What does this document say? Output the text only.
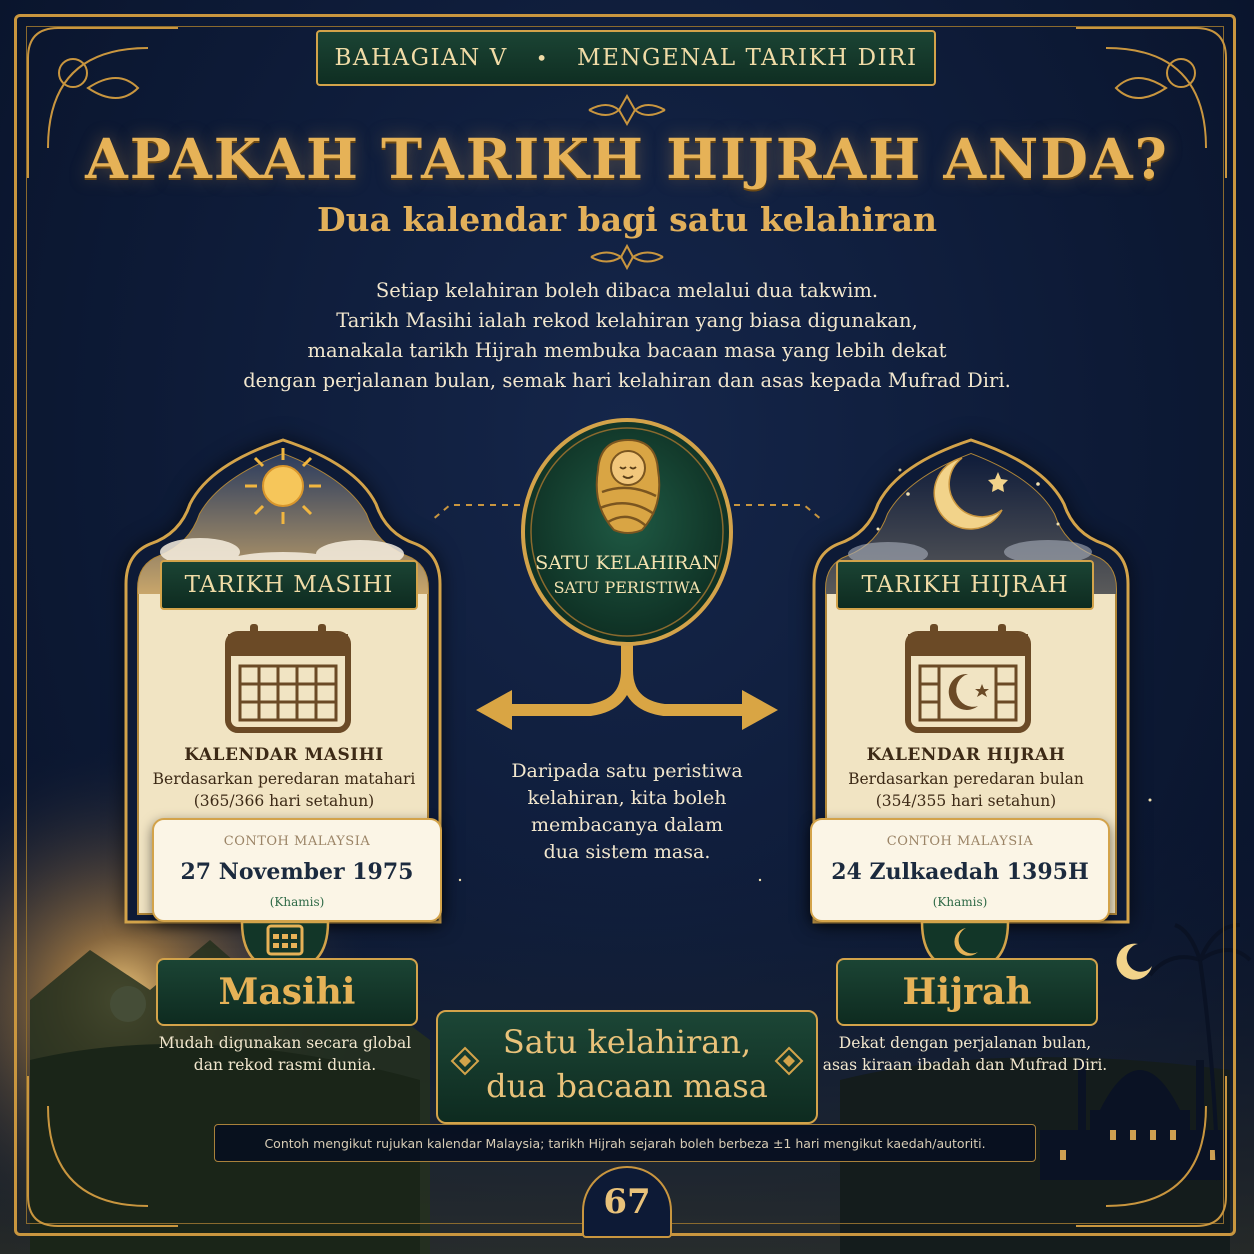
BAHAGIAN V • MENGENAL TARIKH DIRI
APAKAH TARIKH HIJRAH ANDA?
Dua kalendar bagi satu kelahiran
Setiap kelahiran boleh dibaca melalui dua takwim.
Tarikh Masihi ialah rekod kelahiran yang biasa digunakan,
manakala tarikh Hijrah membuka bacaan masa yang lebih dekat
dengan perjalanan bulan, semak hari kelahiran dan asas kepada Mufrad Diri.
TARIKH MASIHI
KALENDAR MASIHI
Berdasarkan peredaran matahari
(365/366 hari setahun)
CONTOH MALAYSIA
27 November 1975
(Khamis)
Masihi
Mudah digunakan secara global
dan rekod rasmi dunia.
TARIKH HIJRAH
KALENDAR HIJRAH
Berdasarkan peredaran bulan
(354/355 hari setahun)
CONTOH MALAYSIA
24 Zulkaedah 1395H
(Khamis)
Hijrah
Dekat dengan perjalanan bulan,
asas kiraan ibadah dan Mufrad Diri.
SATU KELAHIRAN
SATU PERISTIWA
Daripada satu peristiwa
kelahiran, kita boleh
membacanya dalam
dua sistem masa.
Satu kelahiran,
dua bacaan masa
Contoh mengikut rujukan kalendar Malaysia; tarikh Hijrah sejarah boleh berbeza ±1 hari mengikut kaedah/autoriti.
67
